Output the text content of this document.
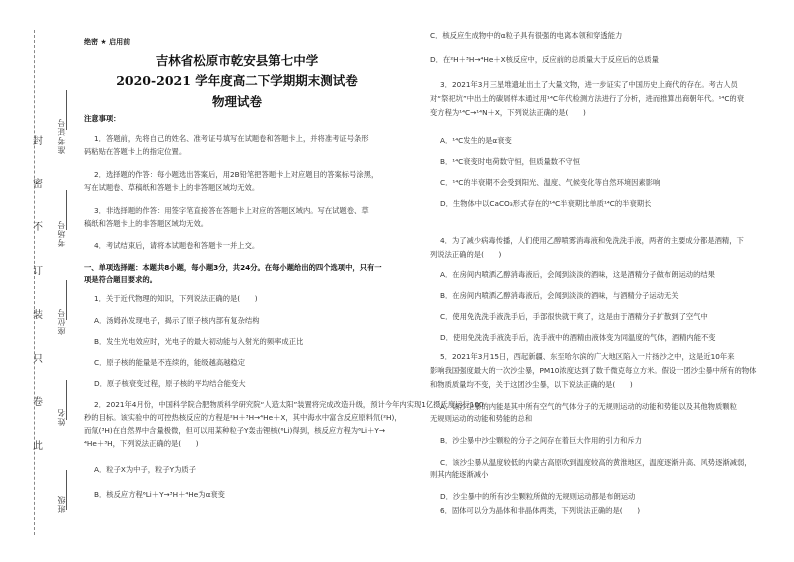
封
密
不
订
装
只
卷
此
准考证号
考场号
座位号
姓名
班级
绝密 ★ 启用前
吉林省松原市乾安县第七中学
2020-2021 学年度高二下学期期末测试卷
物理试卷
注意事项：
1．答题前，先将自己的姓名、准考证号填写在试题卷和答题卡上，并将准考证号条形
码粘贴在答题卡上的指定位置。
2．选择题的作答：每小题选出答案后，用2B铅笔把答题卡上对应题目的答案标号涂黑，
写在试题卷、草稿纸和答题卡上的非答题区域均无效。
3．非选择题的作答：用签字笔直接答在答题卡上对应的答题区域内。写在试题卷、草
稿纸和答题卡上的非答题区域均无效。
4．考试结束后，请将本试题卷和答题卡一并上交。
一、单项选择题：本题共8小题，每小题3分，共24分。在每小题给出的四个选项中，只有一
项是符合题目要求的。
1．关于近代物理的知识，下列说法正确的是(　　)
A．汤姆孙发现电子，揭示了原子核内部有复杂结构
B．发生光电效应时，光电子的最大初动能与入射光的频率成正比
C．原子核的能量是不连续的，能级越高越稳定
D．原子核衰变过程，原子核的平均结合能变大
2．2021年4月份，中国科学院合肥物质科学研究院“人造太阳”装置将完成改造升级，预计今年内实现1亿摄氏度运行100
秒的目标。该实验中的可控热核反应的方程是²H＋³H→⁴He＋X，其中海水中富含反应原料氘(²H)，
而氚(³H)在自然界中含量极微，但可以用某种粒子Y轰击锂核(⁶Li)得到，核反应方程为⁶Li＋Y→
⁴He＋³H，下列说法正确的是(　　)
A．粒子X为中子，粒子Y为质子
B．核反应方程⁶Li＋Y→³H＋⁴He为α衰变
C．核反应生成物中的α粒子具有很强的电离本领和穿透能力
D．在²H＋³H→⁴He＋X核反应中，反应前的总质量大于反应后的总质量
3．2021年3月三星堆遗址出土了大量文物，进一步证实了中国历史上商代的存在。考古人员
对“祭祀坑”中出土的碳屑样本通过用¹⁴C年代检测方法进行了分析，进而推算出商朝年代。¹⁴C的衰
变方程为¹⁴C→¹⁴N＋X，下列说法正确的是(　　)
A．¹⁴C发生的是α衰变
B．¹⁴C衰变时电荷数守恒，但质量数不守恒
C．¹⁴C的半衰期不会受到阳光、温度、气候变化等自然环境因素影响
D．生物体中以CaCO₃形式存在的¹⁴C半衰期比单质¹⁴C的半衰期长
4．为了减少病毒传播，人们使用乙醇喷雾消毒液和免洗洗手液，两者的主要成分都是酒精，下
列说法正确的是(　　)
A．在房间内喷洒乙醇消毒液后，会闻到淡淡的酒味，这是酒精分子做布朗运动的结果
B．在房间内喷洒乙醇消毒液后，会闻到淡淡的酒味，与酒精分子运动无关
C．使用免洗洗手液洗手后，手部很快就干爽了，这是由于酒精分子扩散到了空气中
D．使用免洗洗手液洗手后，洗手液中的酒精由液体变为同温度的气体，酒精内能不变
5．2021年3月15日，西起新疆、东至哈尔滨的广大地区陷入一片扬沙之中，这是近10年来
影响我国强度最大的一次沙尘暴，PM10浓度达到了数千微克每立方米。假设一团沙尘暴中所有的物体
和物质质量均不变，关于这团沙尘暴，以下说法正确的是(　　)
A．该沙尘暴的内能是其中所有空气的气体分子的无规则运动的动能和势能以及其他物质颗粒
无规则运动的动能和势能的总和
B．沙尘暴中沙尘颗粒的分子之间存在着巨大作用的引力和斥力
C．该沙尘暴从温度较低的内蒙古高原吹到温度较高的黄淮地区，温度逐渐升高、风势逐渐减弱，
则其内能逐渐减小
D．沙尘暴中的所有沙尘颗粒所做的无规则运动都是布朗运动
6．固体可以分为晶体和非晶体两类，下列说法正确的是(　　)
